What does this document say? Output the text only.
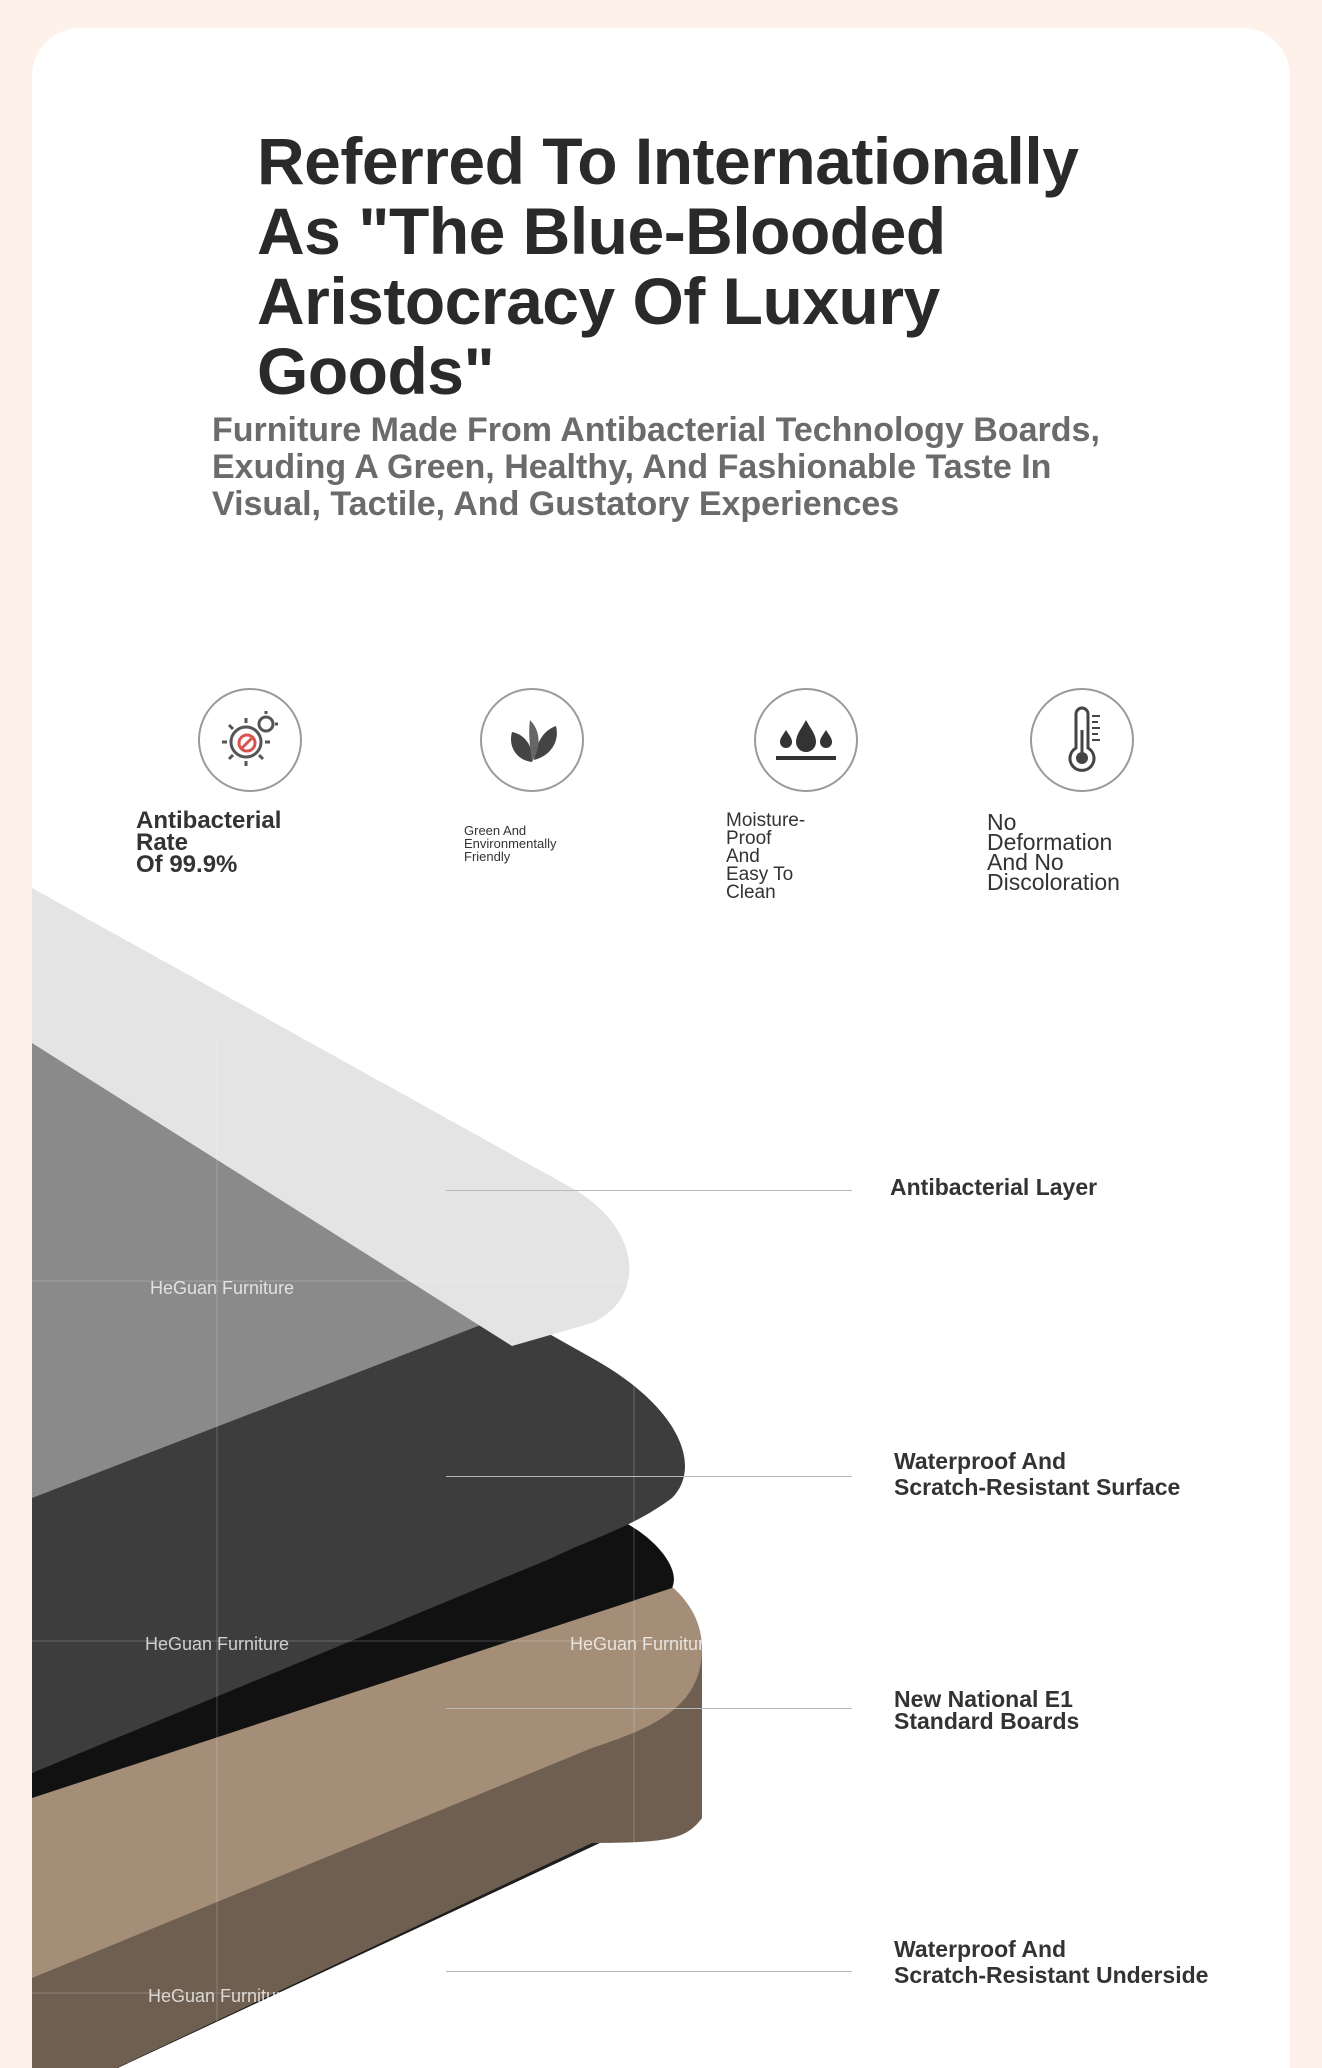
Referred To Internationally
As "The Blue-Blooded
Aristocracy Of Luxury
Goods"

Furniture Made From Antibacterial Technology Boards,
Exuding A Green, Healthy, And Fashionable Taste In
Visual, Tactile, And Gustatory Experiences

Antibacterial Rate
Of 99.9%
Green And Environmentally Friendly
Moisture-Proof
And Easy To Clean
No Deformation And No
Discoloration
HeGuan Furniture
HeGuan Furniture	HeGuan Furniture
HeGuan Furniture
Antibacterial Layer
Waterproof And
Scratch-Resistant Surface
New National E1
Standard Boards
Waterproof And
Scratch-Resistant Underside
